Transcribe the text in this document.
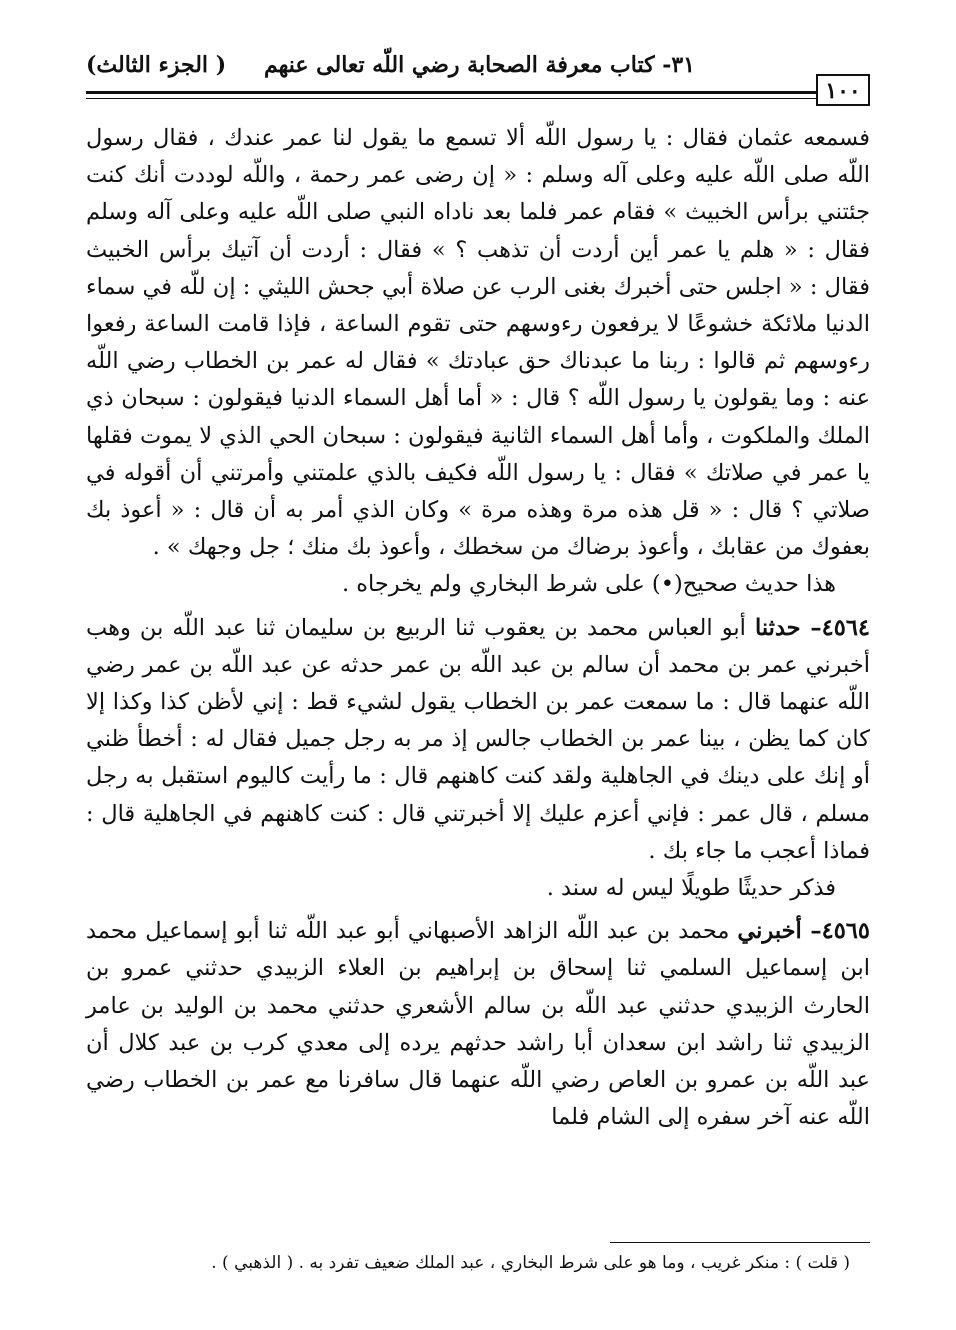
٣١- كتاب معرفة الصحابة رضي اللّه تعالى عنهم
( الجزء الثالث)
١٠٠

فسمعه عثمان فقال : يا رسول اللّه ألا تسمع ما يقول لنا عمر عندك ، فقال رسول اللّه صلى اللّه عليه وعلى آله وسلم : « إن رضى عمر رحمة ، واللّه لوددت أنك كنت جئتني برأس الخبيث » فقام عمر فلما بعد ناداه النبي صلى اللّه عليه وعلى آله وسلم فقال : « هلم يا عمر أين أردت أن تذهب ؟ » فقال : أردت أن آتيك برأس الخبيث فقال : « اجلس حتى أخبرك بغنى الرب عن صلاة أبي جحش الليثي : إن للّه في سماء الدنيا ملائكة خشوعًا لا يرفعون رءوسهم حتى تقوم الساعة ، فإذا قامت الساعة رفعوا رءوسهم ثم قالوا : ربنا ما عبدناك حق عبادتك » فقال له عمر بن الخطاب رضي اللّه عنه : وما يقولون يا رسول اللّه ؟ قال : « أما أهل السماء الدنيا فيقولون : سبحان ذي الملك والملكوت ، وأما أهل السماء الثانية فيقولون : سبحان الحي الذي لا يموت فقلها يا عمر في صلاتك » فقال : يا رسول اللّه فكيف بالذي علمتني وأمرتني أن أقوله في صلاتي ؟ قال : « قل هذه مرة وهذه مرة » وكان الذي أمر به أن قال : « أعوذ بك بعفوك من عقابك ، وأعوذ برضاك من سخطك ، وأعوذ بك منك ؛ جل وجهك » .

هذا حديث صحيح(•) على شرط البخاري ولم يخرجاه .

٤٥٦٤– حدثنا أبو العباس محمد بن يعقوب ثنا الربيع بن سليمان ثنا عبد اللّه بن وهب أخبرني عمر بن محمد أن سالم بن عبد اللّه بن عمر حدثه عن عبد اللّه بن عمر رضي اللّه عنهما قال : ما سمعت عمر بن الخطاب يقول لشيء قط : إني لأظن كذا وكذا إلا كان كما يظن ، بينا عمر بن الخطاب جالس إذ مر به رجل جميل فقال له : أخطأ ظني أو إنك على دينك في الجاهلية ولقد كنت كاهنهم قال : ما رأيت كاليوم استقبل به رجل مسلم ، قال عمر : فإني أعزم عليك إلا أخبرتني قال : كنت كاهنهم في الجاهلية قال : فماذا أعجب ما جاء بك .

فذكر حديثًا طويلًا ليس له سند .

٤٥٦٥– أخبرني محمد بن عبد اللّه الزاهد الأصبهاني أبو عبد اللّه ثنا أبو إسماعيل محمد ابن إسماعيل السلمي ثنا إسحاق بن إبراهيم بن العلاء الزبيدي حدثني عمرو بن الحارث الزبيدي حدثني عبد اللّه بن سالم الأشعري حدثني محمد بن الوليد بن عامر الزبيدي ثنا راشد ابن سعدان أبا راشد حدثهم يرده إلى معدي كرب بن عبد كلال أن عبد اللّه بن عمرو بن العاص رضي اللّه عنهما قال سافرنا مع عمر بن الخطاب رضي اللّه عنه آخر سفره إلى الشام فلما

( قلت ) : منكر غريب ، وما هو على شرط البخاري ، عبد الملك ضعيف تفرد به . ( الذهبي ) .
